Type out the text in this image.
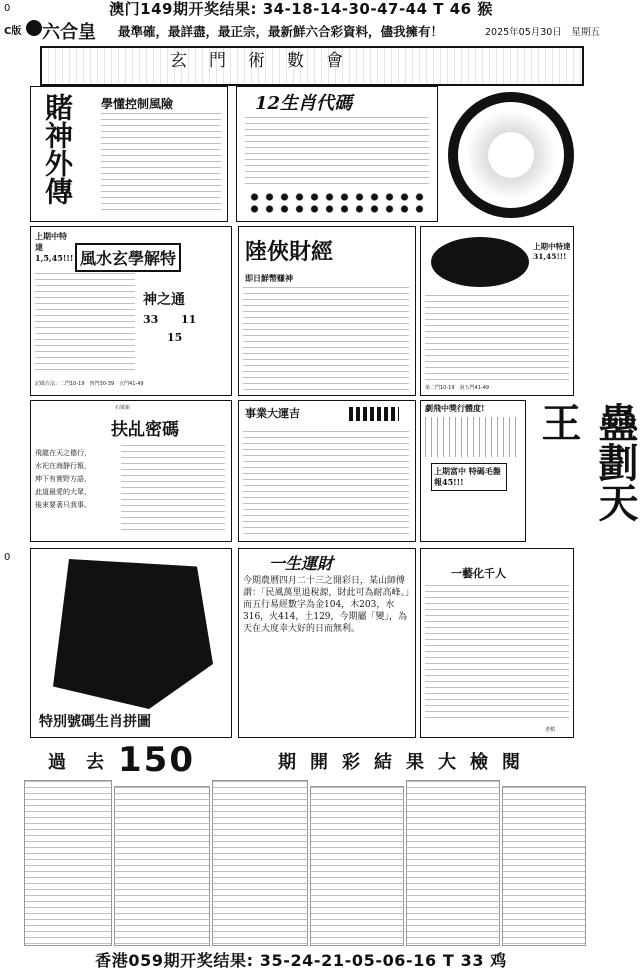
0	澳门149期开奖结果: 34-18-14-30-47-44 T 46 猴
C版 六合皇 最準確，最詳盡，最正宗，最新鮮六合彩資料，儘我擁有！	2025年05月30日　星期五
玄門術數會
賭神外傳 學懂控制風險	12生肖代碼
上期中特達 1,5,45!!! 風水玄學解特
神之通
33 11
15
記碼方法：二門10-19　四門30-39　五門41-49
陸俠財經
即日鮮幣赚神
上期中特達 31,45!!!
第二門10-19　第五門41-49
石梁新
扶乩密碼
飛龍在天之德行，
水祀在海靜行報，
坤下有實野方語，
此道最愛的大眾，
後來要著只我事。
事業大運吉	劇飛中獎行體度!
上期富中 特碼毛盤 報45!!!	蠱劃天王
0
特別號碼生肖拼圖
一生運財
今期農曆四月二十三之開彩日，某山師傅謂：「民風萬里退稅源，財此可為耐高峰。」而五行易經數字為金104，木203，水316，火414，土129，今期屬「變」，為天在大度幸大好的日而無利。
一藝化千人
老稻
過去
150	期開彩結果大檢閱
香港059期开奖结果: 35-24-21-05-06-16 T 33 鸡
